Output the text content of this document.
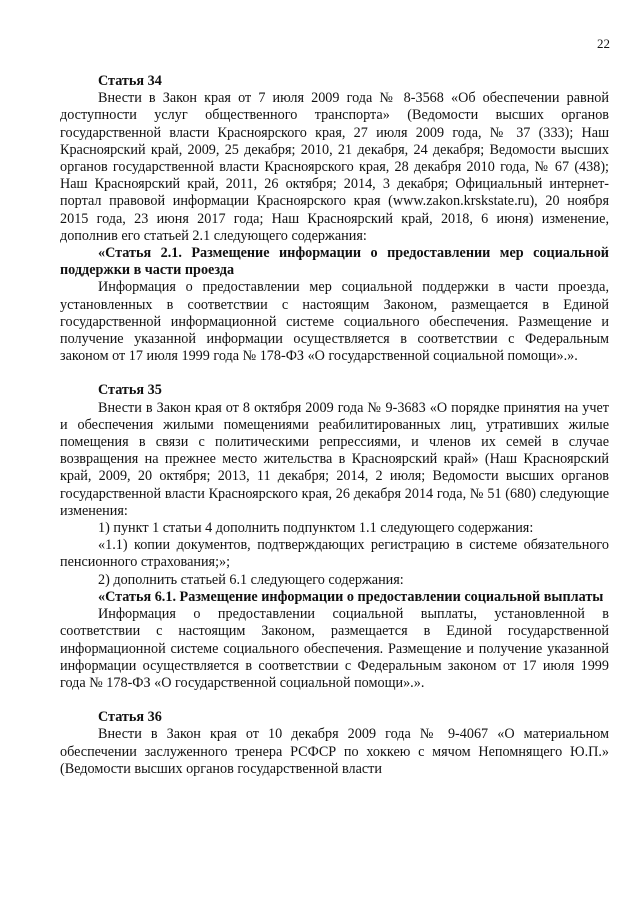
22

Статья 34

Внести в Закон края от 7 июля 2009 года № 8-3568 «Об обеспечении равной доступности услуг общественного транспорта» (Ведомости высших органов государственной власти Красноярского края, 27 июля 2009 года, № 37 (333); Наш Красноярский край, 2009, 25 декабря; 2010, 21 декабря, 24 декабря; Ведомости высших органов государственной власти Красноярского края, 28 декабря 2010 года, № 67 (438); Наш Красноярский край, 2011, 26 октября; 2014, 3 декабря; Официальный интернет-портал правовой информации Красноярского края (www.zakon.krskstate.ru), 20 ноября 2015 года, 23 июня 2017 года; Наш Красноярский край, 2018, 6 июня) изменение, дополнив его статьей 2.1 следующего содержания:

«Статья 2.1. Размещение информации о предоставлении мер социальной поддержки в части проезда

Информация о предоставлении мер социальной поддержки в части проезда, установленных в соответствии с настоящим Законом, размещается в Единой государственной информационной системе социального обеспечения. Размещение и получение указанной информации осуществляется в соответствии с Федеральным законом от 17 июля 1999 года № 178-ФЗ «О государственной социальной помощи».».

Статья 35

Внести в Закон края от 8 октября 2009 года № 9-3683 «О порядке принятия на учет и обеспечения жилыми помещениями реабилитированных лиц, утративших жилые помещения в связи с политическими репрессиями, и членов их семей в случае возвращения на прежнее место жительства в Красноярский край» (Наш Красноярский край, 2009, 20 октября; 2013, 11 декабря; 2014, 2 июля; Ведомости высших органов государственной власти Красноярского края, 26 декабря 2014 года, № 51 (680) следующие изменения:

1) пункт 1 статьи 4 дополнить подпунктом 1.1 следующего содержания:

«1.1) копии документов, подтверждающих регистрацию в системе обязательного пенсионного страхования;»;

2) дополнить статьей 6.1 следующего содержания:

«Статья 6.1. Размещение информации о предоставлении социальной выплаты

Информация о предоставлении социальной выплаты, установленной в соответствии с настоящим Законом, размещается в Единой государственной информационной системе социального обеспечения. Размещение и получение указанной информации осуществляется в соответствии с Федеральным законом от 17 июля 1999 года № 178-ФЗ «О государственной социальной помощи».».

Статья 36

Внести в Закон края от 10 декабря 2009 года № 9-4067 «О материальном обеспечении заслуженного тренера РСФСР по хоккею с мячом Непомнящего Ю.П.» (Ведомости высших органов государственной власти
